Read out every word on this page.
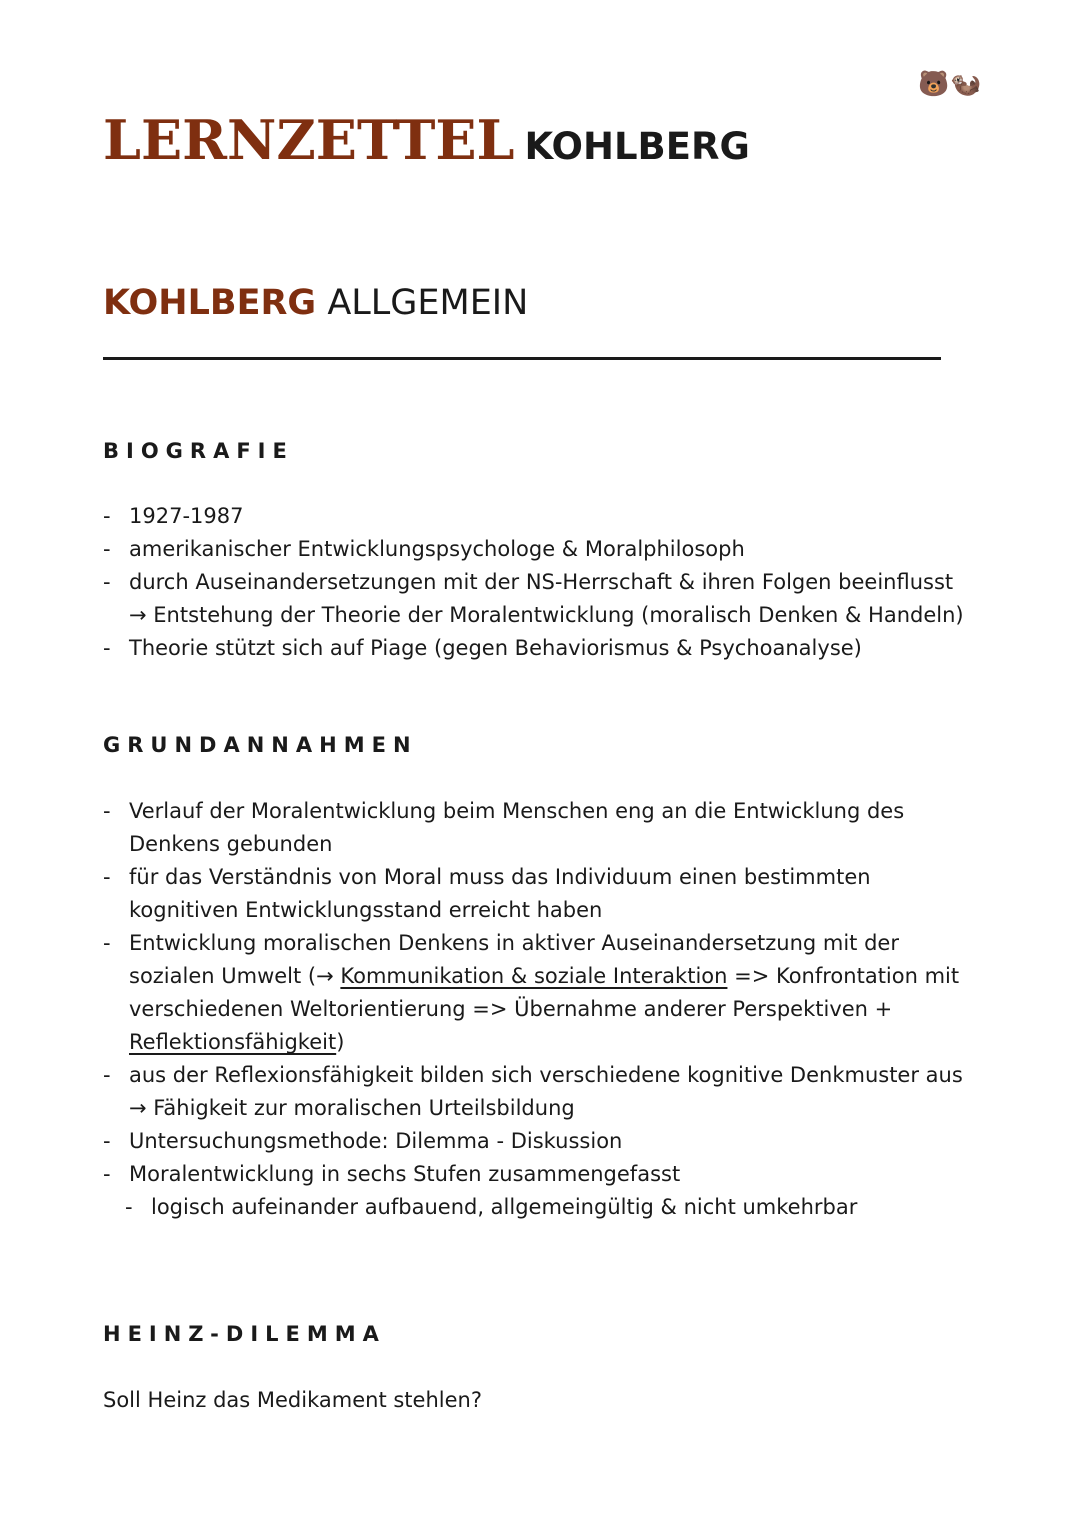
🐻🦦
LERNZETTEL KOHLBERG
KOHLBERG ALLGEMEIN
BIOGRAFIE
- 1927-1987
- amerikanischer Entwicklungspsychologe & Moralphilosoph
- durch Auseinandersetzungen mit der NS-Herrschaft & ihren Folgen beeinflusst
→ Entstehung der Theorie der Moralentwicklung (moralisch Denken & Handeln)
- Theorie stützt sich auf Piage (gegen Behaviorismus & Psychoanalyse)
GRUNDANNAHMEN
- Verlauf der Moralentwicklung beim Menschen eng an die Entwicklung des Denkens gebunden
- für das Verständnis von Moral muss das Individuum einen bestimmten kognitiven Entwicklungsstand erreicht haben
- Entwicklung moralischen Denkens in aktiver Auseinandersetzung mit der sozialen Umwelt (→ Kommunikation & soziale Interaktion => Konfrontation mit verschiedenen Weltorientierung => Übernahme anderer Perspektiven + Reflektionsfähigkeit)
- aus der Reflexionsfähigkeit bilden sich verschiedene kognitive Denkmuster aus
→ Fähigkeit zur moralischen Urteilsbildung
- Untersuchungsmethode: Dilemma - Diskussion
- Moralentwicklung in sechs Stufen zusammengefasst
- logisch aufeinander aufbauend, allgemeingültig & nicht umkehrbar
HEINZ-DILEMMA

Soll Heinz das Medikament stehlen?
